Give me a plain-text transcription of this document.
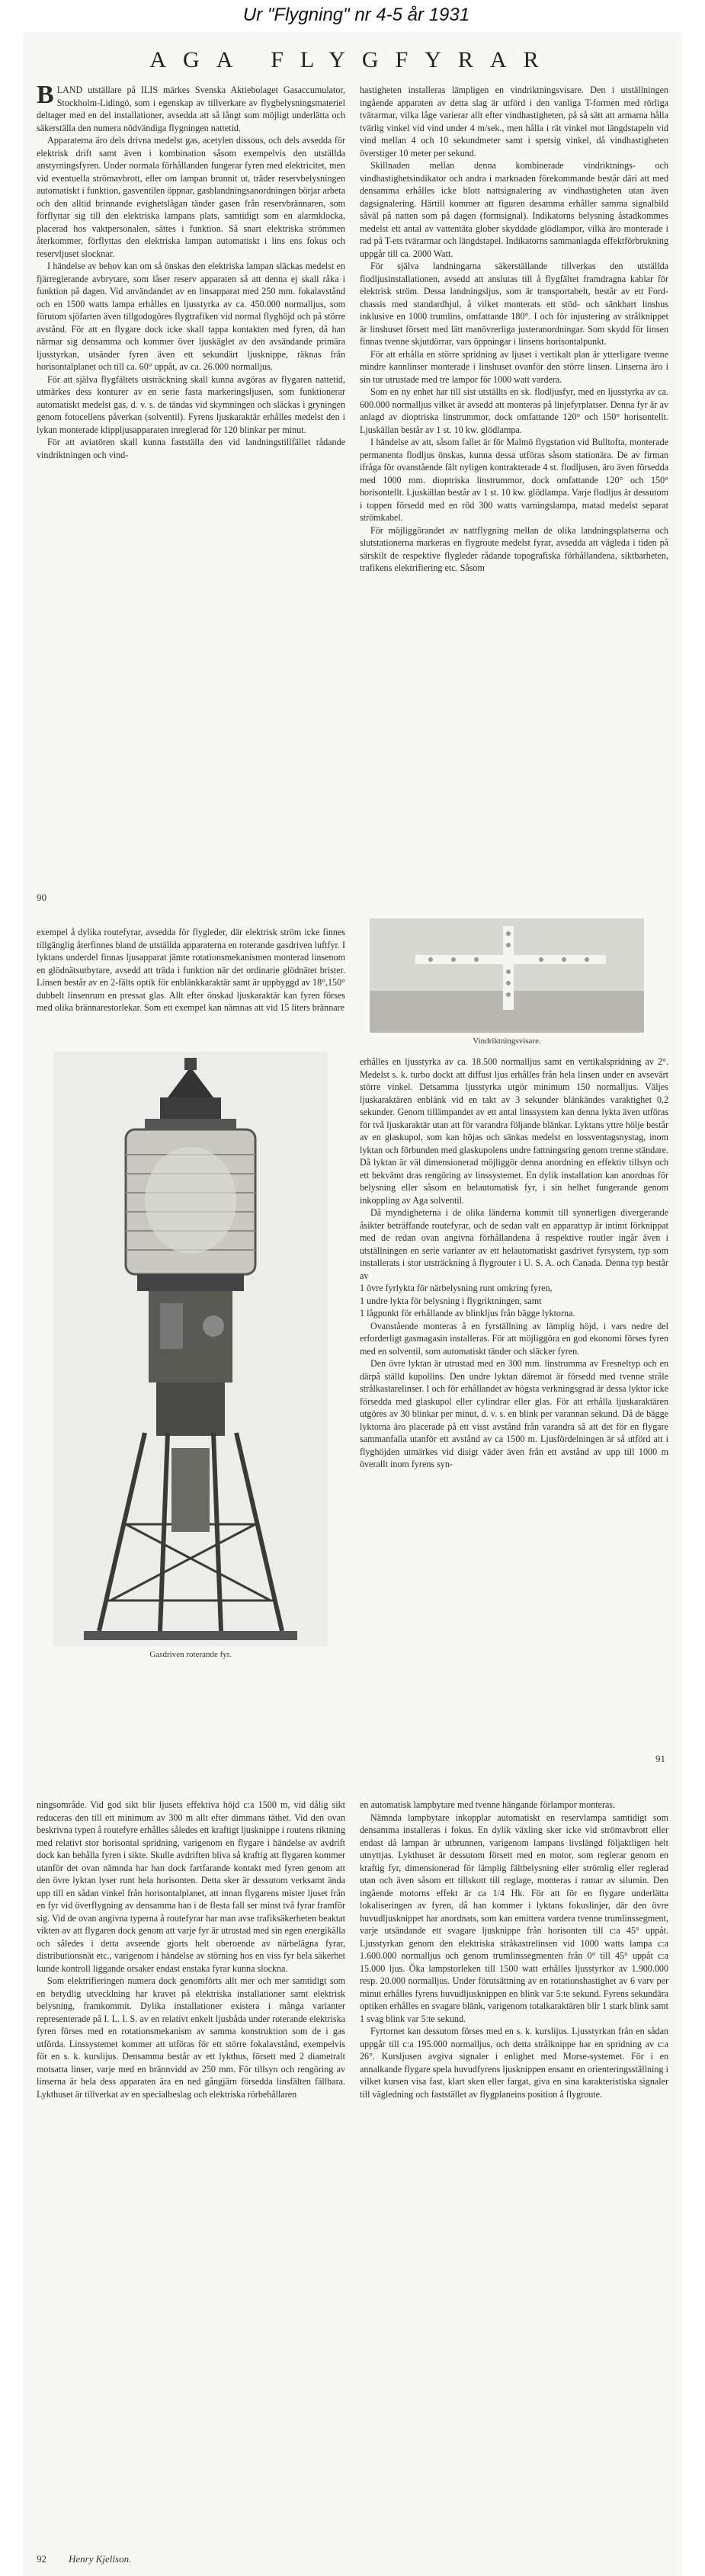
Ur "Flygning" nr 4-5 år 1931
AGA FLYGFYRAR

BLAND utställare på ILIS märkes Svenska Aktiebolaget Gasaccumulator, Stockholm-Lidingö, som i egenskap av tillverkare av flygbelysningsmateriel deltager med en del installationer, avsedda att så långt som möjligt underlätta och säkerställa den numera nödvändiga flygningen nattetid.

Apparaterna äro dels drivna medelst gas, acetylen dissous, och dels avsedda för elektrisk drift samt även i kombination såsom exempelvis den utställda anstyrningsfyren. Under normala förhållanden fungerar fyren med elektricitet, men vid eventuella strömavbrott, eller om lampan brunnit ut, träder reservbelysningen automatiskt i funktion, gasventilen öppnar, gasblandningsanordningen börjar arbeta och den alltid brinnande evighetslågan tänder gasen från reservbrännaren, som förflyttar sig till den elektriska lampans plats, samtidigt som en alarmklocka, placerad hos vaktpersonalen, sättes i funktion. Så snart elektriska strömmen återkommer, förflyttas den elektriska lampan automatiskt i lins ens fokus och reservljuset slocknar.

I händelse av behov kan om så önskas den elektriska lampan släckas medelst en fjärreglerande avbrytare, som låser reserv apparaten så att denna ej skall råka i funktion på dagen. Vid användandet av en linsapparat med 250 mm. fokalavstånd och en 1500 watts lampa erhålles en ljusstyrka av ca. 450.000 normalljus, som förutom sjöfarten även tillgodogöres flygtrafiken vid normal flyghöjd och på större avstånd. För att en flygare dock icke skall tappa kontakten med fyren, då han närmar sig densamma och kommer över ljuskäglet av den avsändande primära ljusstyrkan, utsänder fyren även ett sekundärt ljusknippe, räknas från horisontalplanet och till ca. 60° uppåt, av ca. 26.000 normalljus.

För att själva flygfältets utsträckning skall kunna avgöras av flygaren nattetid, utmärkes dess konturer av en serie fasta markeringsljusen, som funktionerar automatiskt medelst gas, d. v. s. de tändas vid skymningen och släckas i gryningen genom fotocellens påverkan (solventil). Fyrens ljuskaraktär erhålles medelst den i lykan monterade klippljusapparaten inreglerad för 120 blinkar per minut.

För att aviatören skall kunna fastställa den vid landningstillfället rådande vindriktningen och vind-

hastigheten installeras lämpligen en vindriktningsvisare. Den i utställningen ingående apparaten av detta slag är utförd i den vanliga T-formen med rörliga tvärarmar, vilka låge varierar allt efter vindhastigheten, på så sätt att armarna hålla tvärlig vinkel vid vind under 4 m/sek., men hålla i rät vinkel mot längdstapeln vid vind mellan 4 och 10 sekundmeter samt i spetsig vinkel, då vindhastigheten överstiger 10 meter per sekund.

Skillnaden mellan denna kombinerade vindriktnings- och vindhastighetsindikator och andra i marknaden förekommande består däri att med densamma erhålles icke blott nattsignalering av vindhastigheten utan även dagsignalering. Härtill kommer att figuren desamma erhåller samma signalbild såväl på natten som på dagen (formsignal). Indikatorns belysning åstadkommes medelst ett antal av vattentäta glober skyddade glödlampor, vilka äro monterade i rad på T-ets tvärarmar och längdstapel. Indikatorns sammanlagda effektförbrukning uppgår till ca. 2000 Watt.

För själva landningarna säkerställande tillverkas den utställda flodljusinstallationen, avsedd att anslutas till å flygfältet framdragna kablar för elektrisk ström. Dessa landningsljus, som är transportabelt, består av ett Ford-chassis med standardhjul, å vilket monterats ett stöd- och sänkbart linshus inklusive en 1000 trumlins, omfattande 180°. I och för injustering av strålknippet är linshuset försett med lätt manövrerliga justeranordningar. Som skydd för linsen finnas tvenne skjutdörrar, vars öppningar i linsens horisontalpunkt.

För att erhålla en större spridning av ljuset i vertikalt plan är ytterligare tvenne mindre kannlinser monterade i linshuset ovanför den större linsen. Linserna äro i sin tur utrustade med tre lampor för 1000 watt vardera.

Som en ny enhet har till sist utställts en sk. flodljusfyr, med en ljusstyrka av ca. 600.000 normalljus vilket är avsedd att monteras på linjefyrplatser. Denna fyr är av anlagd av dioptriska linstrummor, dock omfattande 120° och 150° horisontellt. Ljuskällan består av 1 st. 10 kw. glödlampa.

I händelse av att, såsom fallet är för Malmö flygstation vid Bulltofta, monterade permanenta flodljus önskas, kunna dessa utföras såsom stationära. De av firman ifråga för ovanstående fält nyligen kontrakterade 4 st. flodljusen, äro även försedda med 1000 mm. dioptriska linstrummor, dock omfattande 120° och 150° horisontellt. Ljuskällan består av 1 st. 10 kw. glödlampa. Varje flodljus är dessutom i toppen försedd med en röd 300 watts varningslampa, matad medelst separat strömkabel.

För möjliggörandet av nattflygning mellan de olika landningsplatserna och slutstationerna markeras en flygroute medelst fyrar, avsedda att vägleda i tiden på särskilt de respektive flygleder rådande topografiska förhållandena, siktbarheten, trafikens elektrifiering etc. Såsom

90

exempel å dylika routefyrar, avsedda för flygleder, där elektrisk ström icke finnes tillgänglig återfinnes bland de utställda apparaterna en roterande gasdriven luftfyr. I lyktans underdel finnas ljusapparat jämte rotationsmekanismen monterad linsenom en glödnätsutbytare, avsedd att träda i funktion när det ordinarie glödnätet brister. Linsen består av en 2-fälts optik för enblänkkaraktär samt är uppbyggd av 18°,150° dubbelt linsenrum en pressat glas. Allt efter önskad ljuskaraktär kan fyren förses med olika brännarestorlekar. Som ett exempel kan nämnas att vid 15 liters brännare

Gasdriven roterande fyr.
Vindriktningsvisare.

erhålles en ljusstyrka av ca. 18.500 normalljus samt en vertikalspridning av 2°. Medelst s. k. turbo dockt att diffust ljus erhålles från hela linsen under en avsevärt större vinkel. Detsamma ljusstyrka utgör minimum 150 normalljus. Väljes ljuskaraktären enblänk vid en takt av 3 sekunder blänkändes varaktighet 0,2 sekunder. Genom tillämpandet av ett antal linssystem kan denna lykta även utföras för två ljuskaraktär utan att för varandra följande blänkar. Lyktans yttre hölje består av en glaskupol, som kan höjas och sänkas medelst en lossventagsnystag, inom lyktan och förbunden med glaskupolens undre fattningsring genom trenne ständare. Då lyktan är väl dimensionerad möjliggör denna anordning en effektiv tillsyn och ett bekvämt dras rengöring av linssystemet. En dylik installation kan anordnas för belysning eller såsom en belautomatisk fyr, i sin helhet fungerande genom inkoppling av Aga solventil.

Då myndigheterna i de olika länderna kommit till synnerligen divergerande åsikter beträffande routefyrar, och de sedan valt en apparattyp är intimt förknippat med de redan ovan angivna förhållandena å respektive routler ingår även i utställningen en serie varianter av ett helautomatiskt gasdrivet fyrsystem, typ som installerats i stor utsträckning å flygrouter i U. S. A. och Canada. Denna typ består av

1 övre fyrlykta för närbelysning runt omkring fyren,

1 undre lykta för belysning i flygriktningen, samt

1 lågpunkt för erhållande av blinkljus från bägge lyktorna.

Ovanstående monteras å en fyrställning av lämplig höjd, i vars nedre del erforderligt gasmagasin installeras. För att möjliggöra en god ekonomi förses fyren med en solventil, som automatiskt tänder och släcker fyren.

Den övre lyktan är utrustad med en 300 mm. linstrumma av Fresneltyp och en därpå ställd kupollins. Den undre lyktan däremot är försedd med tvenne stråle strålkastarelinser. I och för erhållandet av högsta verkningsgrad är dessa lyktor icke försedda med glaskupol eller cylindrar eller glas. För att erhålla ljuskaraktären utgöres av 30 blinkar per minut, d. v. s. en blink per varannan sekund. Då de bägge lyktorna äro placerade på ett visst avstånd från varandra så att det för en flygare sammanfalla utanför ett avstånd av ca 1500 m. Ljusfördelningen är så utförd att i flyghöjden utmärkes vid disigt väder även från ett avstånd av upp till 1000 m överallt inom fyrens syn-

91

ningsområde. Vid god sikt blir ljusets effektiva höjd c:a 1500 m, vid dålig sikt reduceras den till ett minimum av 300 m allt efter dimmans täthet. Vid den ovan beskrivna typen å routefyre erhålles således ett kraftigt ljusknippe i routens riktning med relativt stor horisontal spridning, varigenom en flygare i händelse av avdrift dock kan behålla fyren i sikte. Skulle avdriften bliva så kraftig att flygaren kommer utanför det ovan nämnda har han dock fartfarande kontakt med fyren genom att den övre lyktan lyser runt hela horisonten. Detta sker är dessutom verksamt ända upp till en sådan vinkel från horisontalplanet, att innan flygarens mister ljuset från en fyr vid överflygning av densamma han i de flesta fall ser minst två fyrar framför sig. Vid de ovan angivna typerna å routefyrar har man avse trafiksäkerheten beaktat vikten av att flygaren dock genom att varje fyr är utrustad med sin egen energikälla och således i detta avseende gjorts helt oberoende av närbelägna fyrar, distributionsnät etc., varigenom i händelse av störning hos en viss fyr hela säkerhet kunde kontroll liggande orsaker endast enstaka fyrar kunna slockna.

Som elektrifieringen numera dock genomförts allt mer och mer samtidigt som en betydlig utvecklning har kravet på elektriska installationer samt elektrisk belysning, framkommit. Dylika installationer existera i många varianter representerade på I. L. I. S. av en relativt enkelt ljusbåda under roterande elektriska fyren förses med en rotationsmekanism av samma konstruktion som de i gas utförda. Linssystemet kommer att utföras för ett större fokalavstånd, exempelvis för en s. k. kurslijus. Densamma består av ett lykthus, försett med 2 diametralt motsatta linser, varje med en brännvidd av 250 mm. För tillsyn och rengöring av linserna är hela dess apparaten ära en ned gångjärn försedda linsfälten fällbara. Lykthuset är tillverkat av en specialbeslag och elektriska rörbehållaren

en automatisk lampbytare med tvenne hängande förlampor monteras.

Nämnda lampbytare inkopplar automatiskt en reservlampa samtidigt som densamma installeras i fokus. En dylik växling sker icke vid strömavbrott eller endast då lampan är utbrunnen, varigenom lampans livslängd följaktligen helt utnyttjas. Lykthuset är dessutom försett med en motor, som reglerar genom en kraftig fyr, dimensionerad för lämplig fältbelysning eller strömlig eller reglerad utan och även såsom ett tillskott till reglage, monteras i ramar av silumin. Den ingående motorns effekt är ca 1/4 Hk. För att för en flygare underlätta lokaliseringen av fyren, då han kommer i lyktans fokuslinjer, där den övre huvudljusknippet har anordnats, som kan emittera vardera tvenne trumlinssegment, varje utsändande ett svagare ljusknippe från horisonten till c:a 45° uppåt. Ljusstyrkan genom den elektriska stråkastrelinsen vid 1000 watts lampa c:a 1.600.000 normalljus och genom trumlinssegmenten från 0° till 45° uppåt c:a 15.000 ljus. Öka lampstorleken till 1500 watt erhålles ljusstyrkor av 1.900.000 resp. 20.000 normalljus. Under förutsättning av en rotationshastighet av 6 varv per minut erhålles fyrens huvudljusknippen en blink var 5:te sekund. Fyrens sekundära optiken erhålles en svagare blänk, varigenom totalkaraktären blir 1 stark blink samt 1 svag blink var 5:te sekund.

Fyrtornet kan dessutom förses med en s. k. kurslijus. Ljusstyrkan från en sådan uppgår till c:a 195.000 normalljus, och detta strålknippe har en spridning av c:a 26°. Kursljusen avgiva signaler i enlighet med Morse-systemet. För i en annalkande flygare spela huvudfyrens ljusknippen ensamt en orienteringsställning i vilket kursen visa fast, klart sken eller fargat, giva en sina karakteristiska signaler till vägledning och faststället av flygplaneins position å flygroute.

92 Henry Kjellson.
